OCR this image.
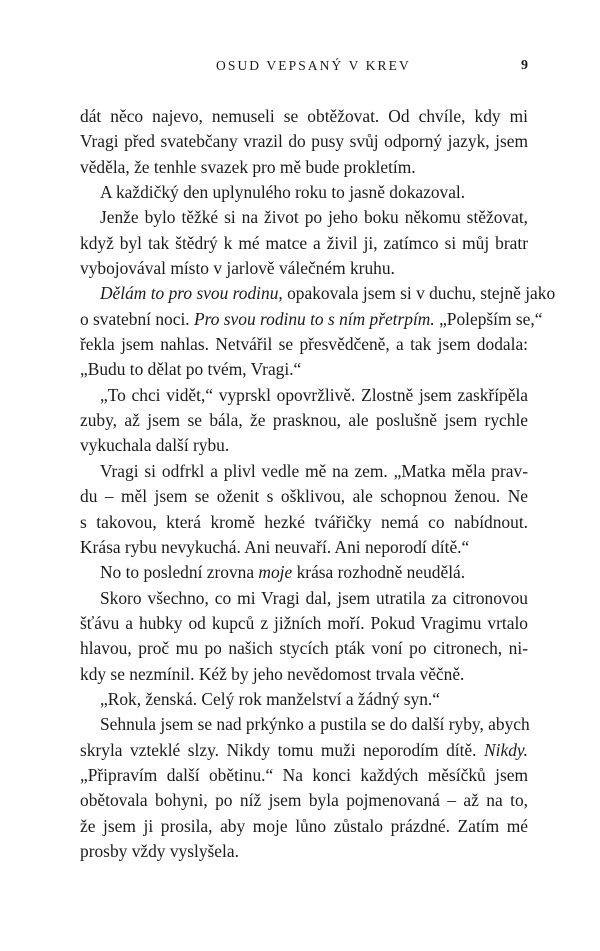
OSUD VEPSANÝ V KREV	9
dát něco najevo, nemuseli se obtěžovat. Od chvíle, kdy mi
Vragi před svatebčany vrazil do pusy svůj odporný jazyk, jsem
věděla, že tenhle svazek pro mě bude prokletím.
A každičký den uplynulého roku to jasně dokazoval.
Jenže bylo těžké si na život po jeho boku někomu stěžovat,
když byl tak štědrý k mé matce a živil ji, zatímco si můj bratr
vybojovával místo v jarlově válečném kruhu.
Dělám to pro svou rodinu, opakovala jsem si v duchu, stejně jako
o svatební noci. Pro svou rodinu to s ním přetrpím. „Polepším se,“
řekla jsem nahlas. Netvářil se přesvědčeně, a tak jsem dodala:
„Budu to dělat po tvém, Vragi.“
„To chci vidět,“ vyprskl opovržlivě. Zlostně jsem zaskřípěla
zuby, až jsem se bála, že prasknou, ale poslušně jsem rychle
vykuchala další rybu.
Vragi si odfrkl a plivl vedle mě na zem. „Matka měla prav-
du – měl jsem se oženit s ošklivou, ale schopnou ženou. Ne
s takovou, která kromě hezké tvářičky nemá co nabídnout.
Krása rybu nevykuchá. Ani neuvaří. Ani neporodí dítě.“
No to poslední zrovna moje krása rozhodně neudělá.
Skoro všechno, co mi Vragi dal, jsem utratila za citronovou
šťávu a hubky od kupců z jižních moří. Pokud Vragimu vrtalo
hlavou, proč mu po našich stycích pták voní po citronech, ni-
kdy se nezmínil. Kéž by jeho nevědomost trvala věčně.
„Rok, ženská. Celý rok manželství a žádný syn.“
Sehnula jsem se nad prkýnko a pustila se do další ryby, abych
skryla vzteklé slzy. Nikdy tomu muži neporodím dítě. Nikdy.
„Připravím další obětinu.“ Na konci každých měsíčků jsem
obětovala bohyni, po níž jsem byla pojmenovaná – až na to,
že jsem ji prosila, aby moje lůno zůstalo prázdné. Zatím mé
prosby vždy vyslyšela.
